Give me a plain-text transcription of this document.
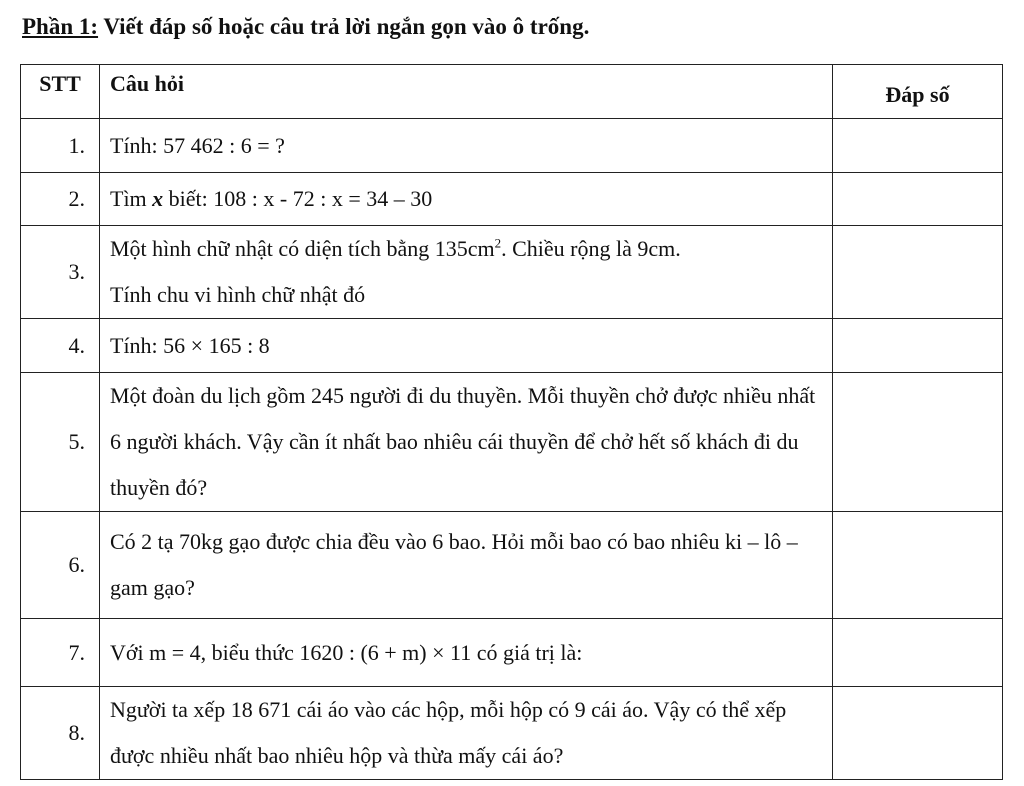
Phần 1: Viết đáp số hoặc câu trả lời ngắn gọn vào ô trống.
STT	Câu hỏi	Đáp số
1.	Tính: 57 462 : 6 = ?	
2.	Tìm x biết: 108 : x - 72 : x = 34 – 30	
3.	Một hình chữ nhật có diện tích bằng $135cm^2$. Chiều rộng là 9cm.
Tính chu vi hình chữ nhật đó	
4.	Tính: 56 × 165 : 8	
5.	Một đoàn du lịch gồm 245 người đi du thuyền. Mỗi thuyền chở được nhiều nhất 6 người khách. Vậy cần ít nhất bao nhiêu cái thuyền để chở hết số khách đi du thuyền đó?	
6.	Có 2 tạ 70kg gạo được chia đều vào 6 bao. Hỏi mỗi bao có bao nhiêu ki – lô – gam gạo?	
7.	Với m = 4, biểu thức 1620 : (6 + m) × 11 có giá trị là:	
8.	Người ta xếp 18 671 cái áo vào các hộp, mỗi hộp có 9 cái áo. Vậy có thể xếp được nhiều nhất bao nhiêu hộp và thừa mấy cái áo?	
